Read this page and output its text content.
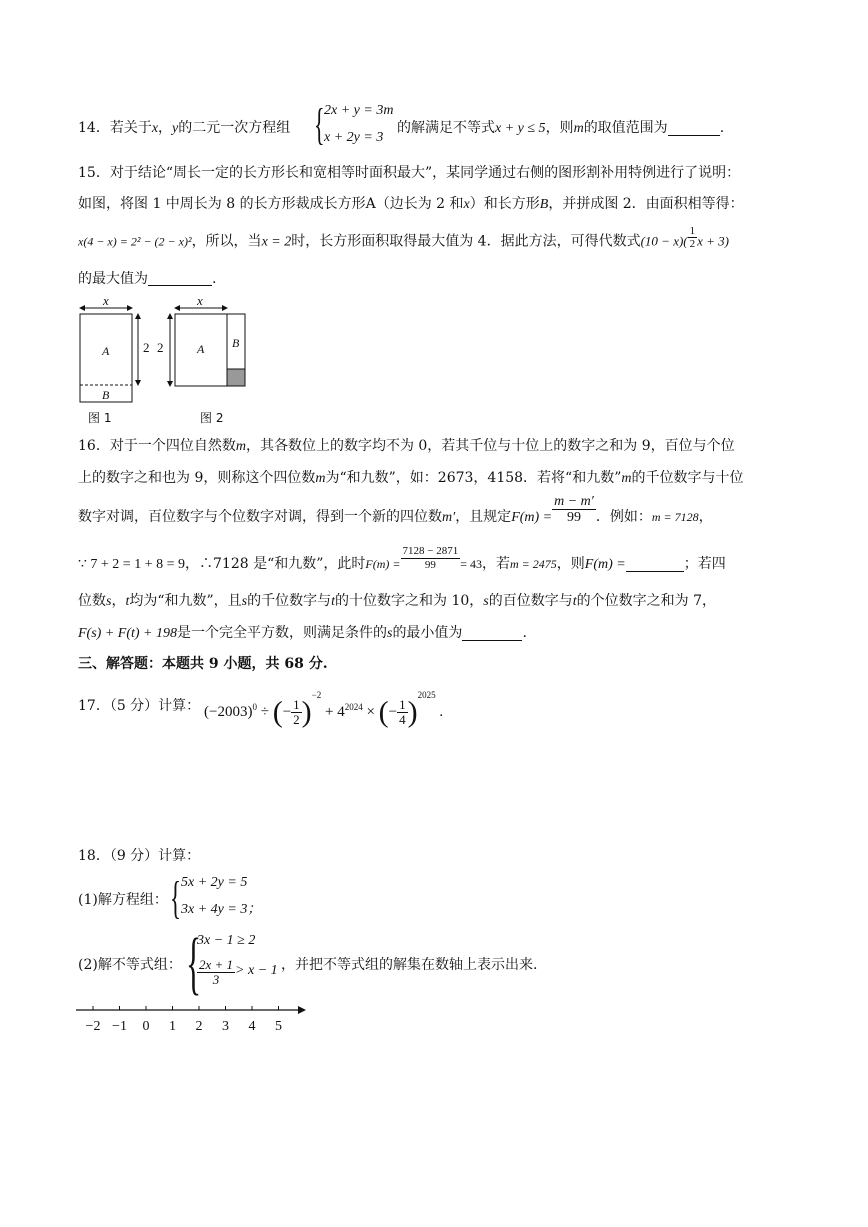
14．若关于x，y的二元一次方程组 { 2x + y = 3m
x + 2y = 3
的解满足不等式x + y ≤ 5，则m的取值范围为	.
15．对于结论“周长一定的长方形长和宽相等时面积最大”，某同学通过右侧的图形割补用特例进行了说明：
如图，将图 1 中周长为 8 的长方形裁成长方形A（边长为 2 和x）和长方形B，并拼成图 2．由面积相等得：
x(4 − x) = 2² − (2 − x)²，所以，当x = 2时，长方形面积取得最大值为 4．据此方法，可得代数式$(10 - x)( \frac{1}{2}$ x + 3)
的最大值为	.
x
A
B
2
图 1
x
A B
2
图 2
16．对于一个四位自然数m，其各数位上的数字均不为 0，若其千位与十位上的数字之和为 9，百位与个位
上的数字之和也为 9，则称这个四位数m为“和九数”，如：2673，4158．若将“和九数”m的千位数字与十位
数字对调，百位数字与个位数字对调，得到一个新的四位数m′，且规定$F(m) = \frac{m - m'}{99}$ ．例如：m = 7128，
∵ 7 + 2 = 1 + 8 = 9，∴7128 是“和九数”，此时$F(m) = \frac{7128 - 2871}{99} = 43$，若m = 2475，则F(m) =	；若四
位数s，t均为“和九数”，且s的千位数字与t的十位数字之和为 10，s的百位数字与t的个位数字之和为 7，
F(s) + F(t) + 198是一个完全平方数，则满足条件的s的最小值为	.
三、解答题：本题共 9 小题，共 68 分.
17．（5 分）计算： $(-2003)^0$ ÷ (− $\frac{1}{2} )^{-2} + 4^{2024}$ × (− $\frac{1}{4} )^{2025}$ .
18．（9 分）计算：
(1)解方程组： { 5x + 2y = 5
3x + 4y = 3；
(2)解不等式组： {
3x − 1 ≥ 2
$\frac{2x + 1}{3} > x - 1$ ，并把不等式组的解集在数轴上表示出来.
−2 −1 0 1 2 3 4 5
